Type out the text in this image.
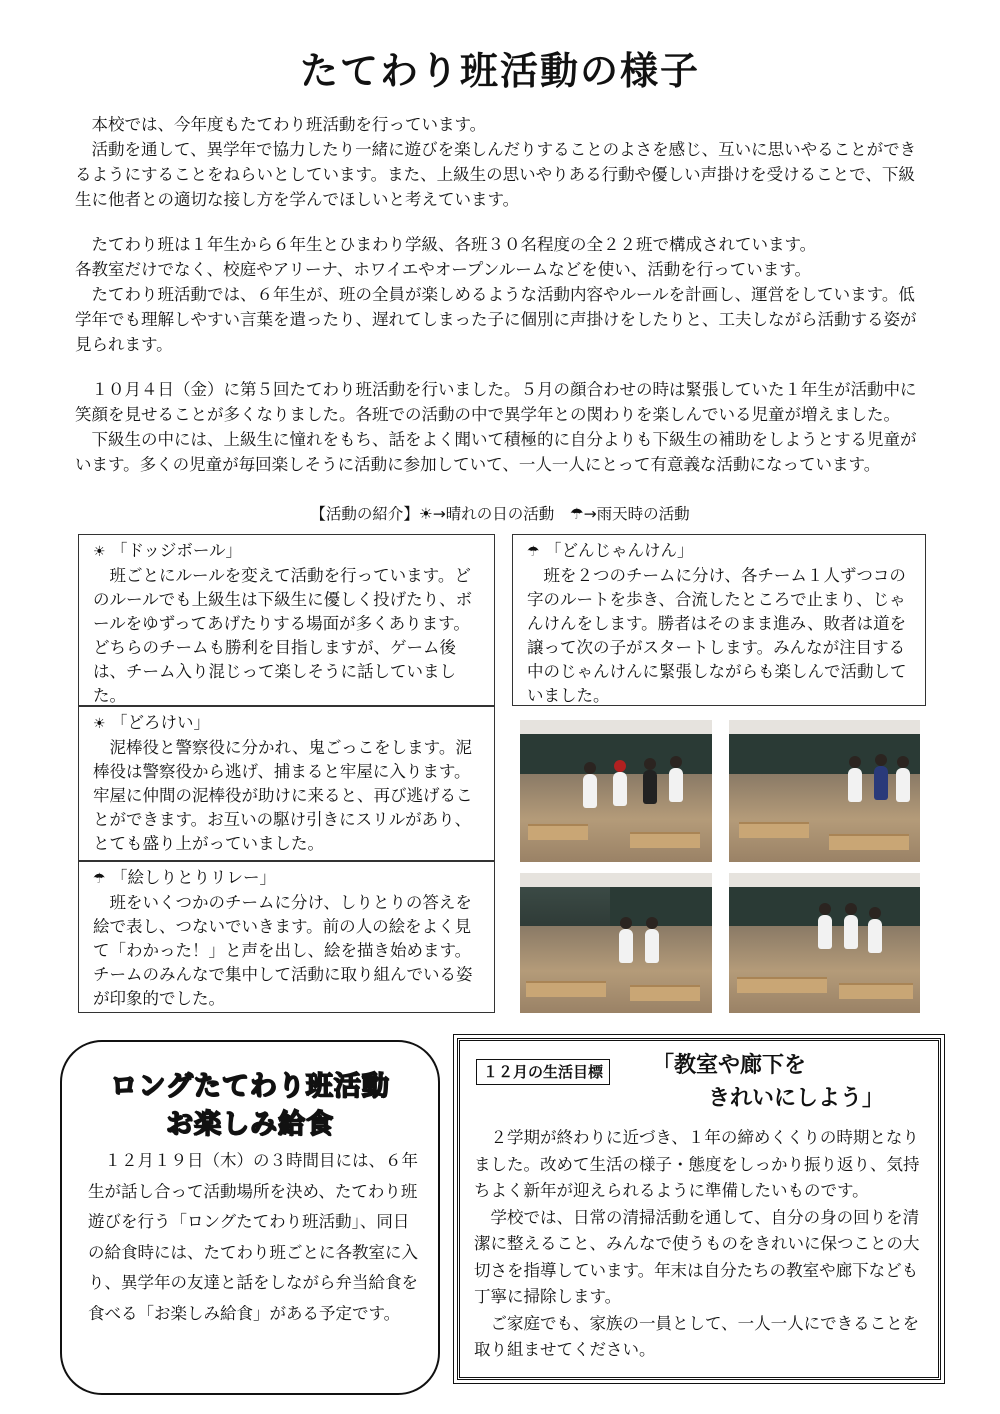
たてわり班活動の様子

本校では、今年度もたてわり班活動を行っています。

活動を通して、異学年で協力したり一緒に遊びを楽しんだりすることのよさを感じ、互いに思いやることができるようにすることをねらいとしています。また、上級生の思いやりある行動や優しい声掛けを受けることで、下級生に他者との適切な接し方を学んでほしいと考えています。

たてわり班は１年生から６年生とひまわり学級、各班３０名程度の全２２班で構成されています。

各教室だけでなく、校庭やアリーナ、ホワイエやオープンルームなどを使い、活動を行っています。

たてわり班活動では、６年生が、班の全員が楽しめるような活動内容やルールを計画し、運営をしています。低学年でも理解しやすい言葉を遣ったり、遅れてしまった子に個別に声掛けをしたりと、工夫しながら活動する姿が見られます。

１０月４日（金）に第５回たてわり班活動を行いました。５月の顔合わせの時は緊張していた１年生が活動中に笑顔を見せることが多くなりました。各班での活動の中で異学年との関わりを楽しんでいる児童が増えました。

下級生の中には、上級生に憧れをもち、話をよく聞いて積極的に自分よりも下級生の補助をしようとする児童がいます。多くの児童が毎回楽しそうに活動に参加していて、一人一人にとって有意義な活動になっています。

【活動の紹介】☀→晴れの日の活動　☂→雨天時の活動
☀ 「ドッジボール」
班ごとにルールを変えて活動を行っています。どのルールでも上級生は下級生に優しく投げたり、ボールをゆずってあげたりする場面が多くあります。どちらのチームも勝利を目指しますが、ゲーム後は、チーム入り混じって楽しそうに話していました。
☂ 「どんじゃんけん」
班を２つのチームに分け、各チーム１人ずつコの字のルートを歩き、合流したところで止まり、じゃんけんをします。勝者はそのまま進み、敗者は道を譲って次の子がスタートします。みんなが注目する中のじゃんけんに緊張しながらも楽しんで活動していました。
☀ 「どろけい」
泥棒役と警察役に分かれ、鬼ごっこをします。泥棒役は警察役から逃げ、捕まると牢屋に入ります。牢屋に仲間の泥棒役が助けに来ると、再び逃げることができます。お互いの駆け引きにスリルがあり、とても盛り上がっていました。
☂ 「絵しりとりリレー」
班をいくつかのチームに分け、しりとりの答えを絵で表し、つないでいきます。前の人の絵をよく見て「わかった！」と声を出し、絵を描き始めます。チームのみんなで集中して活動に取り組んでいる姿が印象的でした。
ロングたてわり班活動
お楽しみ給食
１２月１９日（木）の３時間目には、６年生が話し合って活動場所を決め、たてわり班遊びを行う「ロングたてわり班活動」、同日の給食時には、たてわり班ごとに各教室に入り、異学年の友達と話をしながら弁当給食を食べる「お楽しみ給食」がある予定です。
１２月の生活目標	「教室や廊下を
きれいにしよう」

２学期が終わりに近づき、１年の締めくくりの時期となりました。改めて生活の様子・態度をしっかり振り返り、気持ちよく新年が迎えられるように準備したいものです。

学校では、日常の清掃活動を通して、自分の身の回りを清潔に整えること、みんなで使うものをきれいに保つことの大切さを指導しています。年末は自分たちの教室や廊下なども丁寧に掃除します。

ご家庭でも、家族の一員として、一人一人にできることを取り組ませてください。
